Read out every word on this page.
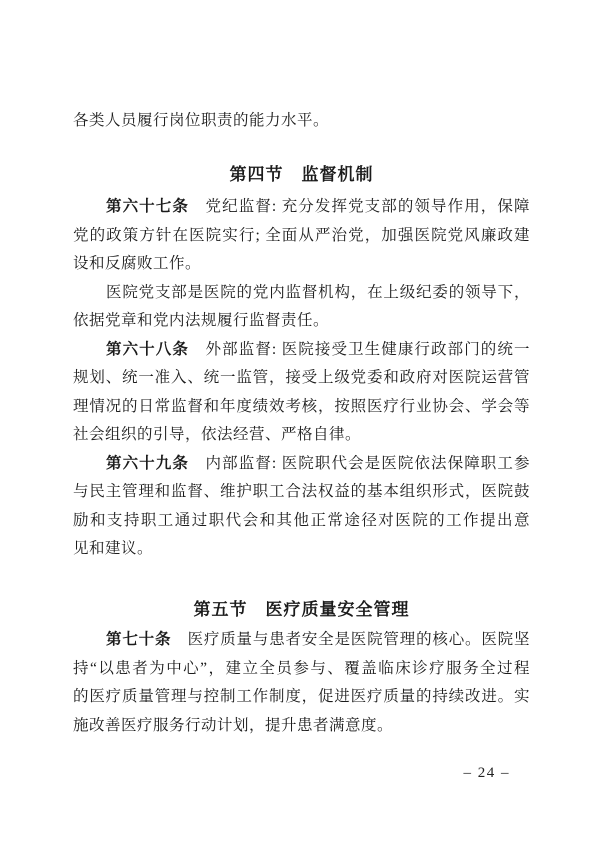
各类人员履行岗位职责的能力水平。
第四节　监督机制
第六十七条　党纪监督: 充分发挥党支部的领导作用，保障
党的政策方针在医院实行; 全面从严治党，加强医院党风廉政建
设和反腐败工作。
医院党支部是医院的党内监督机构，在上级纪委的领导下，
依据党章和党内法规履行监督责任。
第六十八条　外部监督: 医院接受卫生健康行政部门的统一
规划、统一准入、统一监管，接受上级党委和政府对医院运营管
理情况的日常监督和年度绩效考核，按照医疗行业协会、学会等
社会组织的引导，依法经营、严格自律。
第六十九条　内部监督: 医院职代会是医院依法保障职工参
与民主管理和监督、维护职工合法权益的基本组织形式，医院鼓
励和支持职工通过职代会和其他正常途径对医院的工作提出意
见和建议。
第五节　医疗质量安全管理
第七十条　医疗质量与患者安全是医院管理的核心。医院坚
持“以患者为中心”，建立全员参与、覆盖临床诊疗服务全过程
的医疗质量管理与控制工作制度，促进医疗质量的持续改进。实
施改善医疗服务行动计划，提升患者满意度。
– 24 –
